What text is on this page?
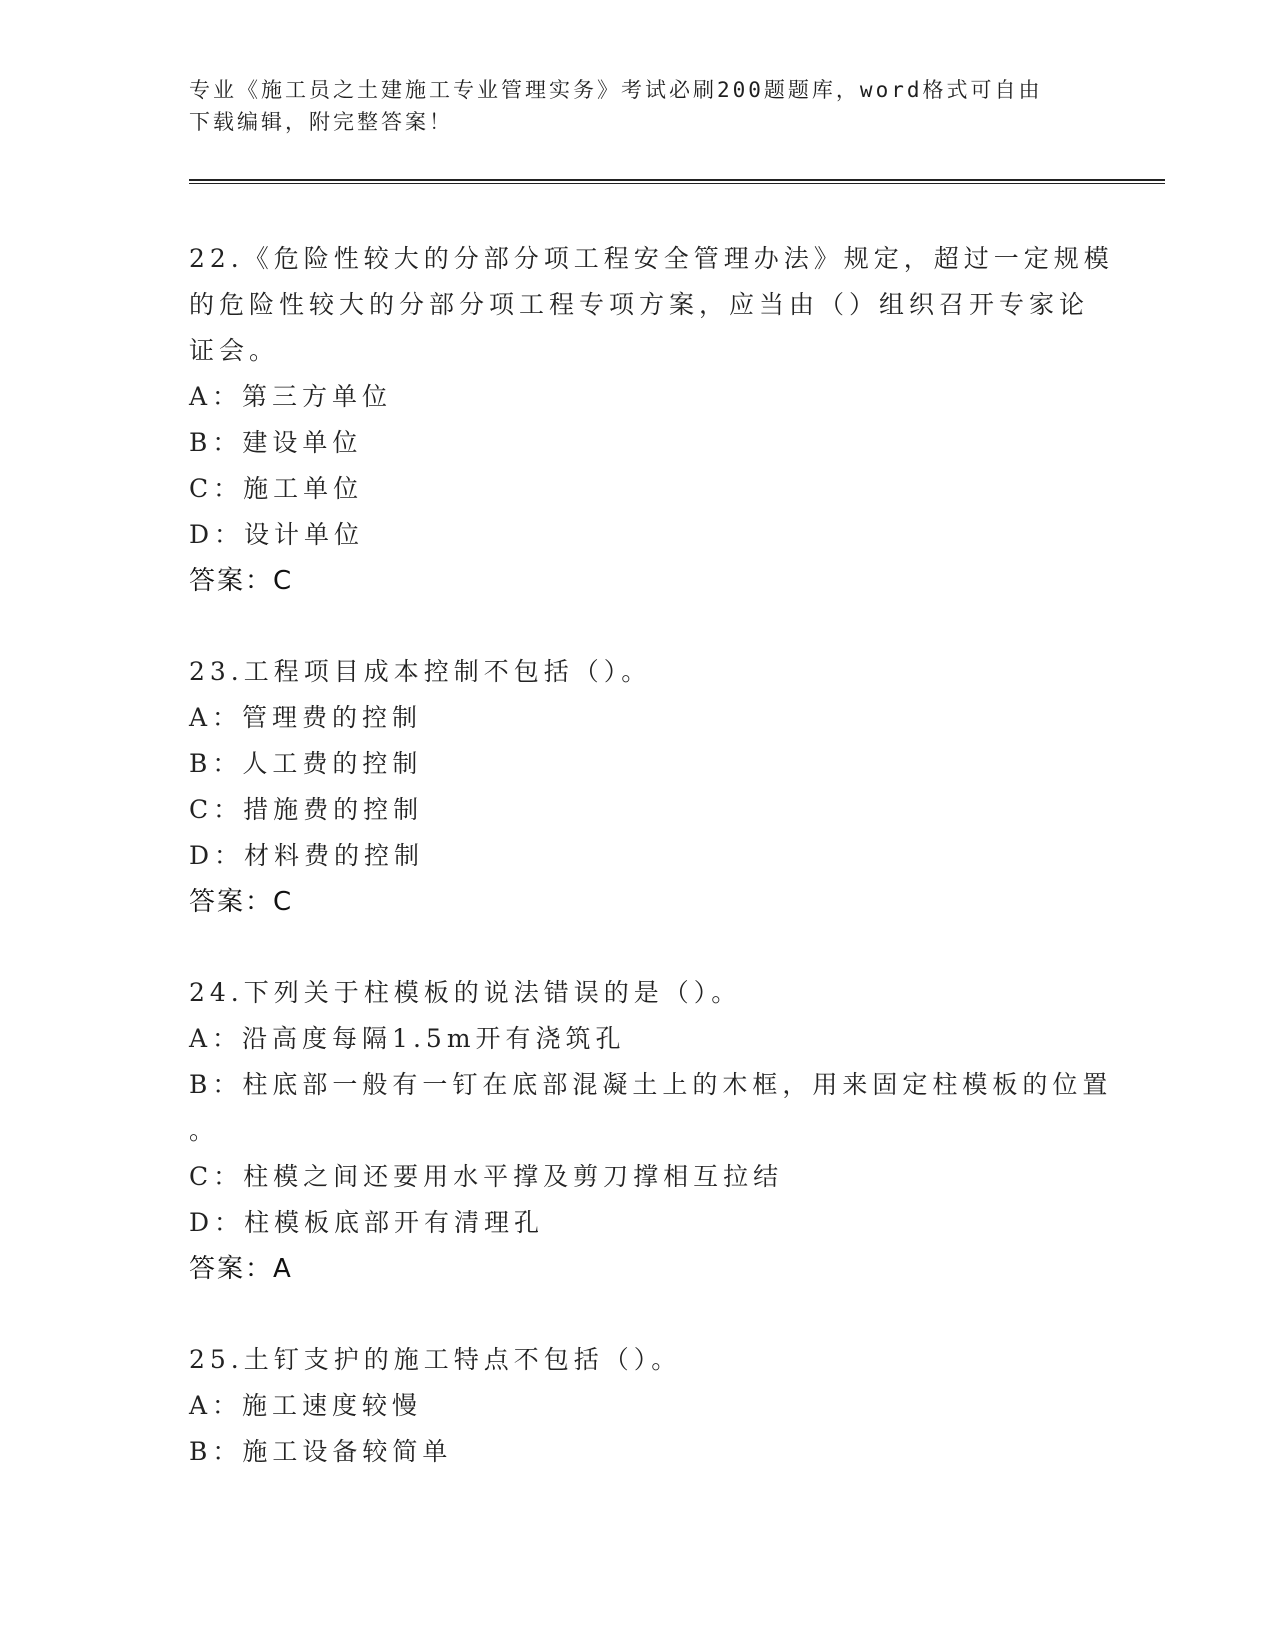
专业《施工员之土建施工专业管理实务》考试必刷200题题库，word格式可自由
下载编辑，附完整答案！
22.《危险性较大的分部分项工程安全管理办法》规定，超过一定规模
的危险性较大的分部分项工程专项方案，应当由（）组织召开专家论
证会。
A：第三方单位
B：建设单位
C：施工单位
D：设计单位
答案：C
23.工程项目成本控制不包括（）。
A：管理费的控制
B：人工费的控制
C：措施费的控制
D：材料费的控制
答案：C
24.下列关于柱模板的说法错误的是（）。
A：沿高度每隔1.5m开有浇筑孔
B：柱底部一般有一钉在底部混凝土上的木框，用来固定柱模板的位置
。
C：柱模之间还要用水平撑及剪刀撑相互拉结
D：柱模板底部开有清理孔
答案：A
25.土钉支护的施工特点不包括（）。
A：施工速度较慢
B：施工设备较简单
